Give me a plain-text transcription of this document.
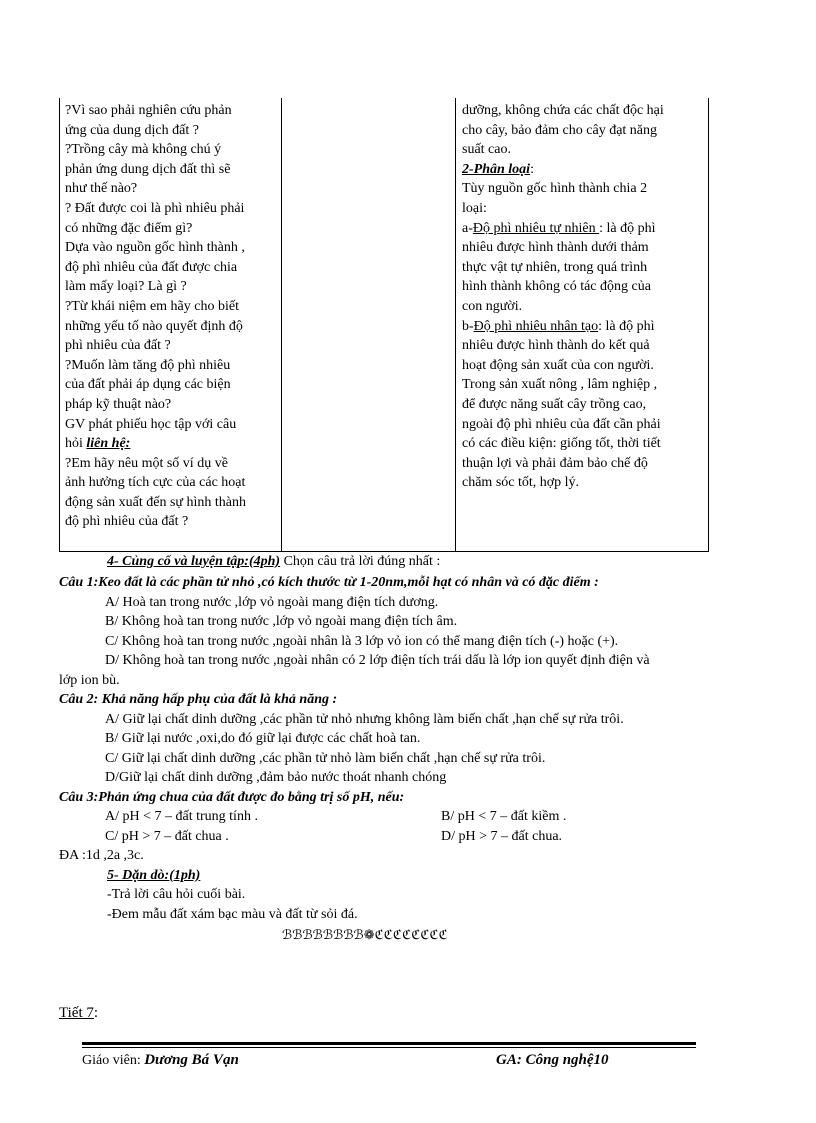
?Vì sao phải nghiên cứu phản
ứng của dung dịch đất ?
?Trồng cây mà không chú ý
phản ứng dung dịch đất thì sẽ
như thế nào?
? Đất được coi là phì nhiêu phải
có những đặc điểm gì?
Dựa vào nguồn gốc hình thành ,
độ phì nhiêu của đất được chia
làm mấy loại? Là gì ?
?Từ khái niệm em hãy cho biết
những yếu tố nào quyết định độ
phì nhiêu của đất ?
?Muốn làm tăng độ phì nhiêu
của đất phải áp dụng các biện
pháp kỹ thuật nào?
GV phát phiếu học tập với câu
hỏi liên hệ:
?Em hãy nêu một số ví dụ về
ảnh hưởng tích cực của các hoạt
động sản xuất đến sự hình thành
độ phì nhiêu của đất ?
dưỡng, không chứa các chất độc hại
cho cây, bảo đảm cho cây đạt năng
suất cao.
2-Phân loại:
Tùy nguồn gốc hình thành chia 2
loại:
a-Độ phì nhiêu tự nhiên : là độ phì
nhiêu được hình thành dưới thảm
thực vật tự nhiên, trong quá trình
hình thành không có tác động của
con người.
b-Độ phì nhiêu nhân tạo: là độ phì
nhiêu được hình thành do kết quả
hoạt động sản xuất của con người.
Trong sản xuất nông , lâm nghiệp ,
để được năng suất cây trồng cao,
ngoài độ phì nhiêu của đất cần phải
có các điều kiện: giống tốt, thời tiết
thuận lợi và phải đảm bảo chế độ
chăm sóc tốt, hợp lý.
4- Củng cố và luyện tập:(4ph) Chọn câu trả lời đúng nhất :
Câu 1:Keo đất là các phần tử nhỏ ,có kích thước từ 1-20nm,mỗi hạt có nhân và có đặc điểm :
A/ Hoà tan trong nước ,lớp vỏ ngoài mang điện tích dương.
B/ Không hoà tan trong nước ,lớp vỏ ngoài mang điện tích âm.
C/ Không hoà tan trong nước ,ngoài nhân là 3 lớp vỏ ion có thể mang điện tích (-) hoặc (+).
D/ Không hoà tan trong nước ,ngoài nhân có 2 lớp điện tích trái dấu là lớp ion quyết định điện và
lớp ion bù.
Câu 2: Khả năng hấp phụ của đất là khả năng :
A/ Giữ lại chất dinh dưỡng ,các phần tử nhỏ nhưng không làm biến chất ,hạn chế sự rửa trôi.
B/ Giữ lại nước ,oxi,do đó giữ lại được các chất hoà tan.
C/ Giữ lại chất dinh dưỡng ,các phần tử nhỏ làm biến chất ,hạn chế sự rửa trôi.
D/Giữ lại chất dinh dưỡng ,đảm bảo nước thoát nhanh chóng
Câu 3:Phản ứng chua của đất được đo bằng trị số pH, nếu:
A/ pH < 7 – đất trung tính .	B/ pH < 7 – đất kiềm .
C/ pH > 7 – đất chua .	D/ pH > 7 – đất chua.
ĐA :1d ,2a ,3c.
5- Dặn dò:(1ph)
-Trả lời câu hỏi cuối bài.
-Đem mẫu đất xám bạc màu và đất từ sỏi đá.
ℬℬℬℬℬℬℬℬ❁ℭℭℭℭℭℭℭℭ
Tiết 7:
Giáo viên: Dương Bá Vạn	GA: Công nghệ10
